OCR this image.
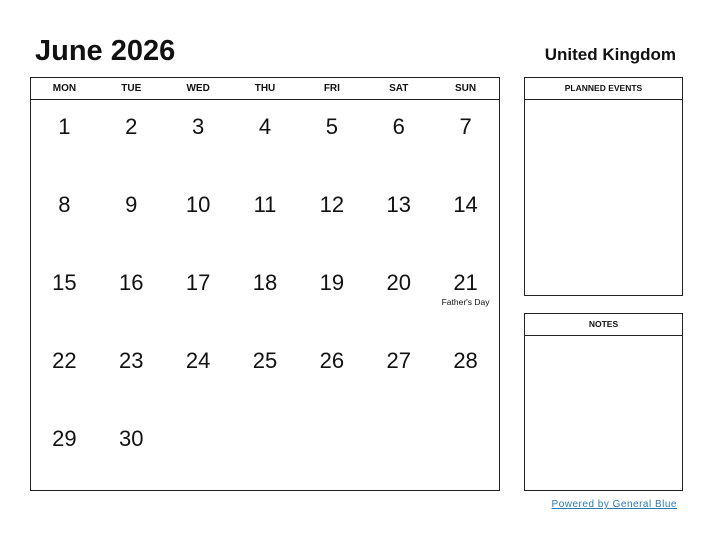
June 2026	United Kingdom
MON	TUE	WED	THU	FRI	SAT	SUN
1	2	3	4	5	6	7
8	9	10	11	12	13	14
15	16	17	18	19	20	21
Father's Day
22	23	24	25	26	27	28
29	30
PLANNED EVENTS
NOTES
Powered by General Blue
